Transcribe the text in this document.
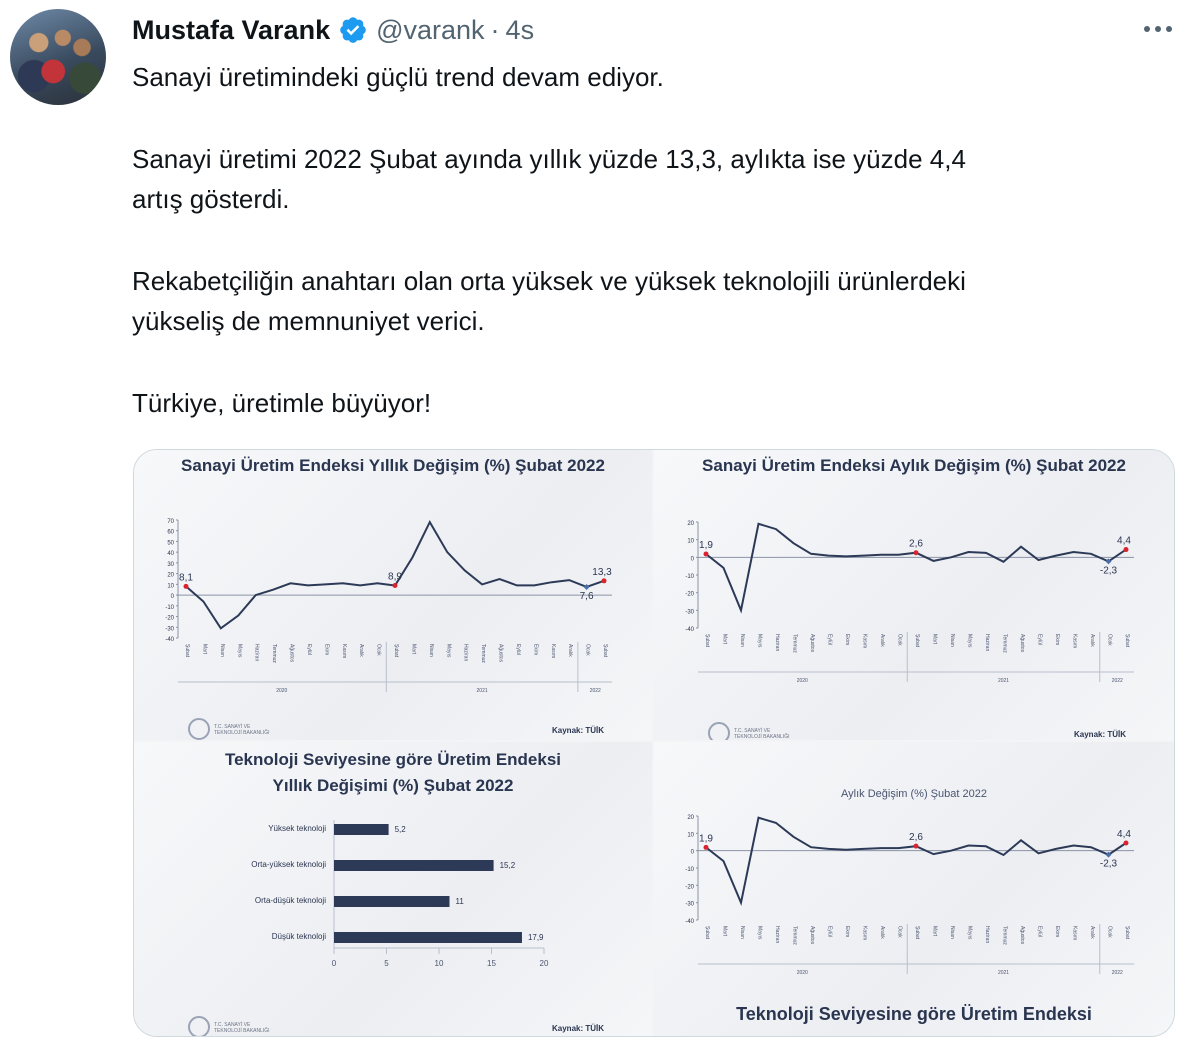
Mustafa Varank @varank · 4s
Sanayi üretimindeki güçlü trend devam ediyor.
Sanayi üretimi 2022 Şubat ayında yıllık yüzde 13,3, aylıkta ise yüzde 4,4
artış gösterdi.
Rekabetçiliğin anahtarı olan orta yüksek ve yüksek teknolojili ürünlerdeki
yükseliş de memnuniyet verici.
Türkiye, üretimle büyüyor!
Sanayi Üretim Endeksi Yıllık Değişim (%) Şubat 2022
70
60
50
40
30
20
10
0
-10
-20
-30
-40
Şubat Mart Nisan Mayıs Haziran Temmuz Ağustos Eylül Ekim Kasım Aralık Ocak Şubat Mart Nisan Mayıs Haziran Temmuz Ağustos Eylül Ekim Kasım Aralık Ocak Şubat
2020	2021	2022
8,1	8,9
7,6
13,3
T.C. SANAYİ VE TEKNOLOJİ BAKANLIĞI	Kaynak: TÜİK
Sanayi Üretim Endeksi Aylık Değişim (%) Şubat 2022
20
10
0
-10
-20
-30
-40
Şubat Mart Nisan Mayıs Haziran Temmuz Ağustos Eylül Ekim Kasım Aralık Ocak Şubat Mart Nisan Mayıs Haziran Temmuz Ağustos Eylül Ekim Kasım Aralık Ocak Şubat
2020	2021	2022
1,9	2,6
-2,3
4,4
T.C. SANAYİ VE TEKNOLOJİ BAKANLIĞI	Kaynak: TÜİK
Teknoloji Seviyesine göre Üretim Endeksi
Yıllık Değişimi (%) Şubat 2022
0	5	10	15	20
Yüksek teknoloji	5,2
Orta-yüksek teknoloji	15,2
Orta-düşük teknoloji	11
Düşük teknoloji	17,9
T.C. SANAYİ VE TEKNOLOJİ BAKANLIĞI	Kaynak: TÜİK
Aylık Değişim (%) Şubat 2022
20
10
0
-10
-20
-30
-40
Şubat Mart Nisan Mayıs Haziran Temmuz Ağustos Eylül Ekim Kasım Aralık Ocak Şubat Mart Nisan Mayıs Haziran Temmuz Ağustos Eylül Ekim Kasım Aralık Ocak Şubat
2020	2021	2022
1,9	2,6
-2,3
4,4
Teknoloji Seviyesine göre Üretim Endeksi
